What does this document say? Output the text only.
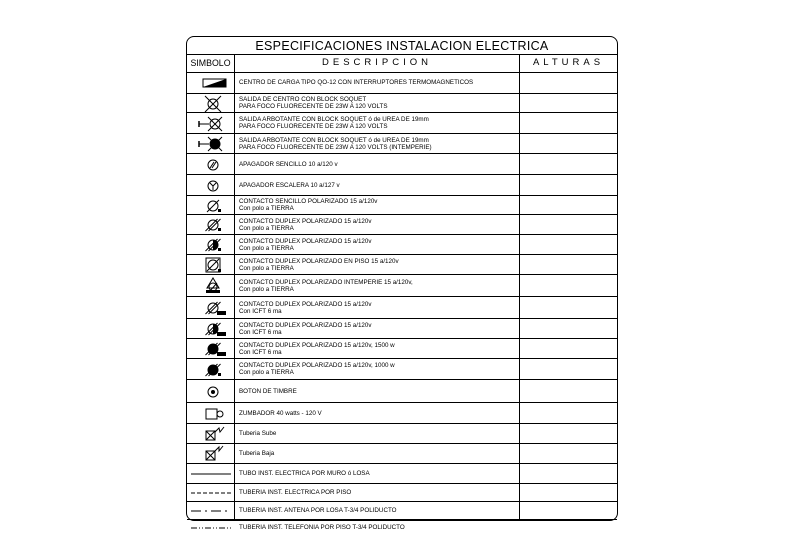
ESPECIFICACIONES INSTALACION ELECTRICA
SIMBOLO	DESCRIPCION	ALTURAS
CENTRO DE CARGA TIPO QO-12 CON INTERRUPTORES TERMOMAGNETICOS
SALIDA DE CENTRO CON BLOCK SOQUET
PARA FOCO FLUORECENTE DE 23W A 120 VOLTS
SALIDA ARBOTANTE CON BLOCK SOQUET ó de UREA DE 19mm
PARA FOCO FLUORECENTE DE 23W A 120 VOLTS
SALIDA ARBOTANTE CON BLOCK SOQUET ó de UREA DE 19mm
PARA FOCO FLUORECENTE DE 23W A 120 VOLTS (INTEMPERIE)
APAGADOR SENCILLO 10 a/120 v
APAGADOR ESCALERA 10 a/127 v
CONTACTO SENCILLO POLARIZADO 15 a/120v
Con polo a TIERRA
CONTACTO DUPLEX POLARIZADO 15 a/120v
Con polo a TIERRA
CONTACTO DUPLEX POLARIZADO 15 a/120v
Con polo a TIERRA
CONTACTO DUPLEX POLARIZADO EN PISO 15 a/120v
Con polo a TIERRA
CONTACTO DUPLEX POLARIZADO INTEMPERIE 15 a/120v,
Con polo a TIERRA
CONTACTO DUPLEX POLARIZADO 15 a/120v
Con ICFT 6 ma
CONTACTO DUPLEX POLARIZADO 15 a/120v
Con ICFT 6 ma
CONTACTO DUPLEX POLARIZADO 15 a/120v, 1500 w
Con ICFT 6 ma
CONTACTO DUPLEX POLARIZADO 15 a/120v, 1000 w
Con polo a TIERRA
BOTON DE TIMBRE
ZUMBADOR 40 watts - 120 V
Tuberia Sube
Tuberia Baja
TUBO INST. ELECTRICA POR MURO ó LOSA
TUBERIA INST. ELECTRICA POR PISO
TUBERIA INST. ANTENA POR LOSA T-3/4 POLIDUCTO
TUBERIA INST. TELEFONIA POR PISO T-3/4 POLIDUCTO
